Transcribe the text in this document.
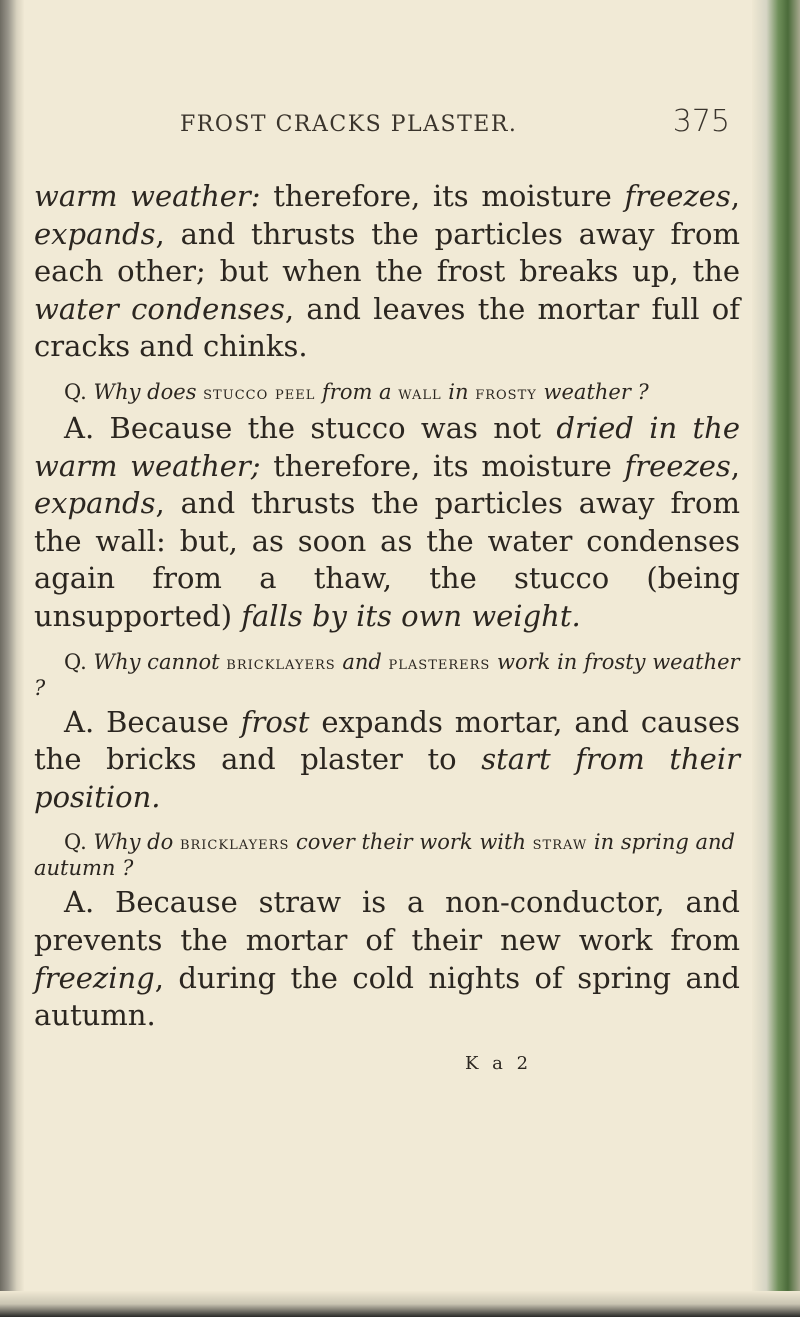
FROST CRACKS PLASTER.	375

warm weather: therefore, its moisture freezes, expands, and thrusts the particles away from each other; but when the frost breaks up, the water condenses, and leaves the mortar full of cracks and chinks.

Q. Why does stucco peel from a wall in frosty weather ?

A. Because the stucco was not dried in the warm weather; therefore, its moisture freezes, expands, and thrusts the particles away from the wall: but, as soon as the water condenses again from a thaw, the stucco (being unsupported) falls by its own weight.

Q. Why cannot bricklayers and plasterers work in frosty weather ?

A. Because frost expands mortar, and causes the bricks and plaster to start from their position.

Q. Why do bricklayers cover their work with straw in spring and autumn ?

A. Because straw is a non-conductor, and prevents the mortar of their new work from freezing, during the cold nights of spring and autumn.

K a 2
